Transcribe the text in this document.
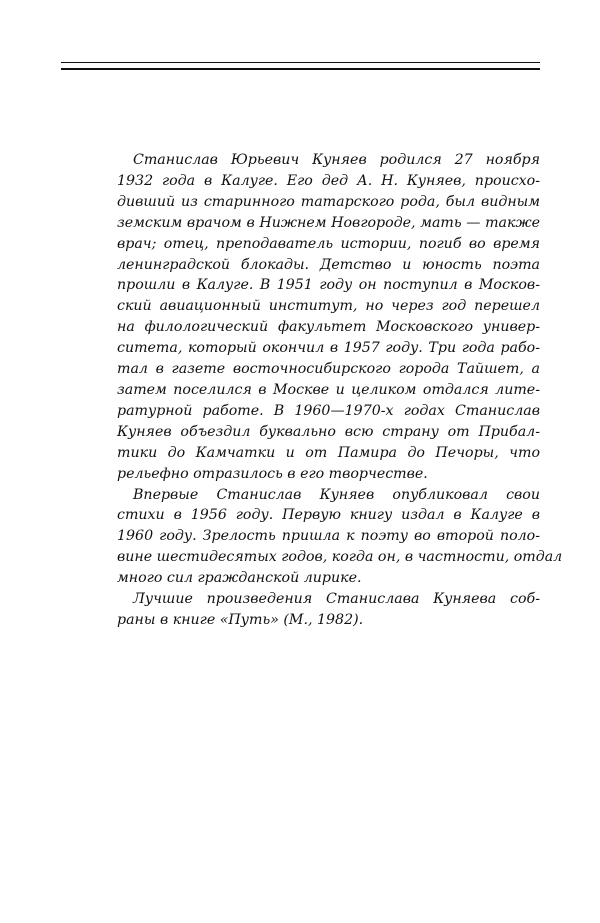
Станислав Юрьевич Куняев родился 27 ноября
1932 года в Калуге. Его дед А. Н. Куняев, происхо-
дивший из старинного татарского рода, был видным
земским врачом в Нижнем Новгороде, мать — также
врач; отец, преподаватель истории, погиб во время
ленинградской блокады. Детство и юность поэта
прошли в Калуге. В 1951 году он поступил в Москов-
ский авиационный институт, но через год перешел
на филологический факультет Московского универ-
ситета, который окончил в 1957 году. Три года рабо-
тал в газете восточносибирского города Тайшет, а
затем поселился в Москве и целиком отдался лите-
ратурной работе. В 1960—1970-х годах Станислав
Куняев объездил буквально всю страну от Прибал-
тики до Камчатки и от Памира до Печоры, что
рельефно отразилось в его творчестве.
Впервые Станислав Куняев опубликовал свои
стихи в 1956 году. Первую книгу издал в Калуге в
1960 году. Зрелость пришла к поэту во второй поло-
вине шестидесятых годов, когда он, в частности, отдал
много сил гражданской лирике.
Лучшие произведения Станислава Куняева соб-
раны в книге «Путь» (М., 1982).
